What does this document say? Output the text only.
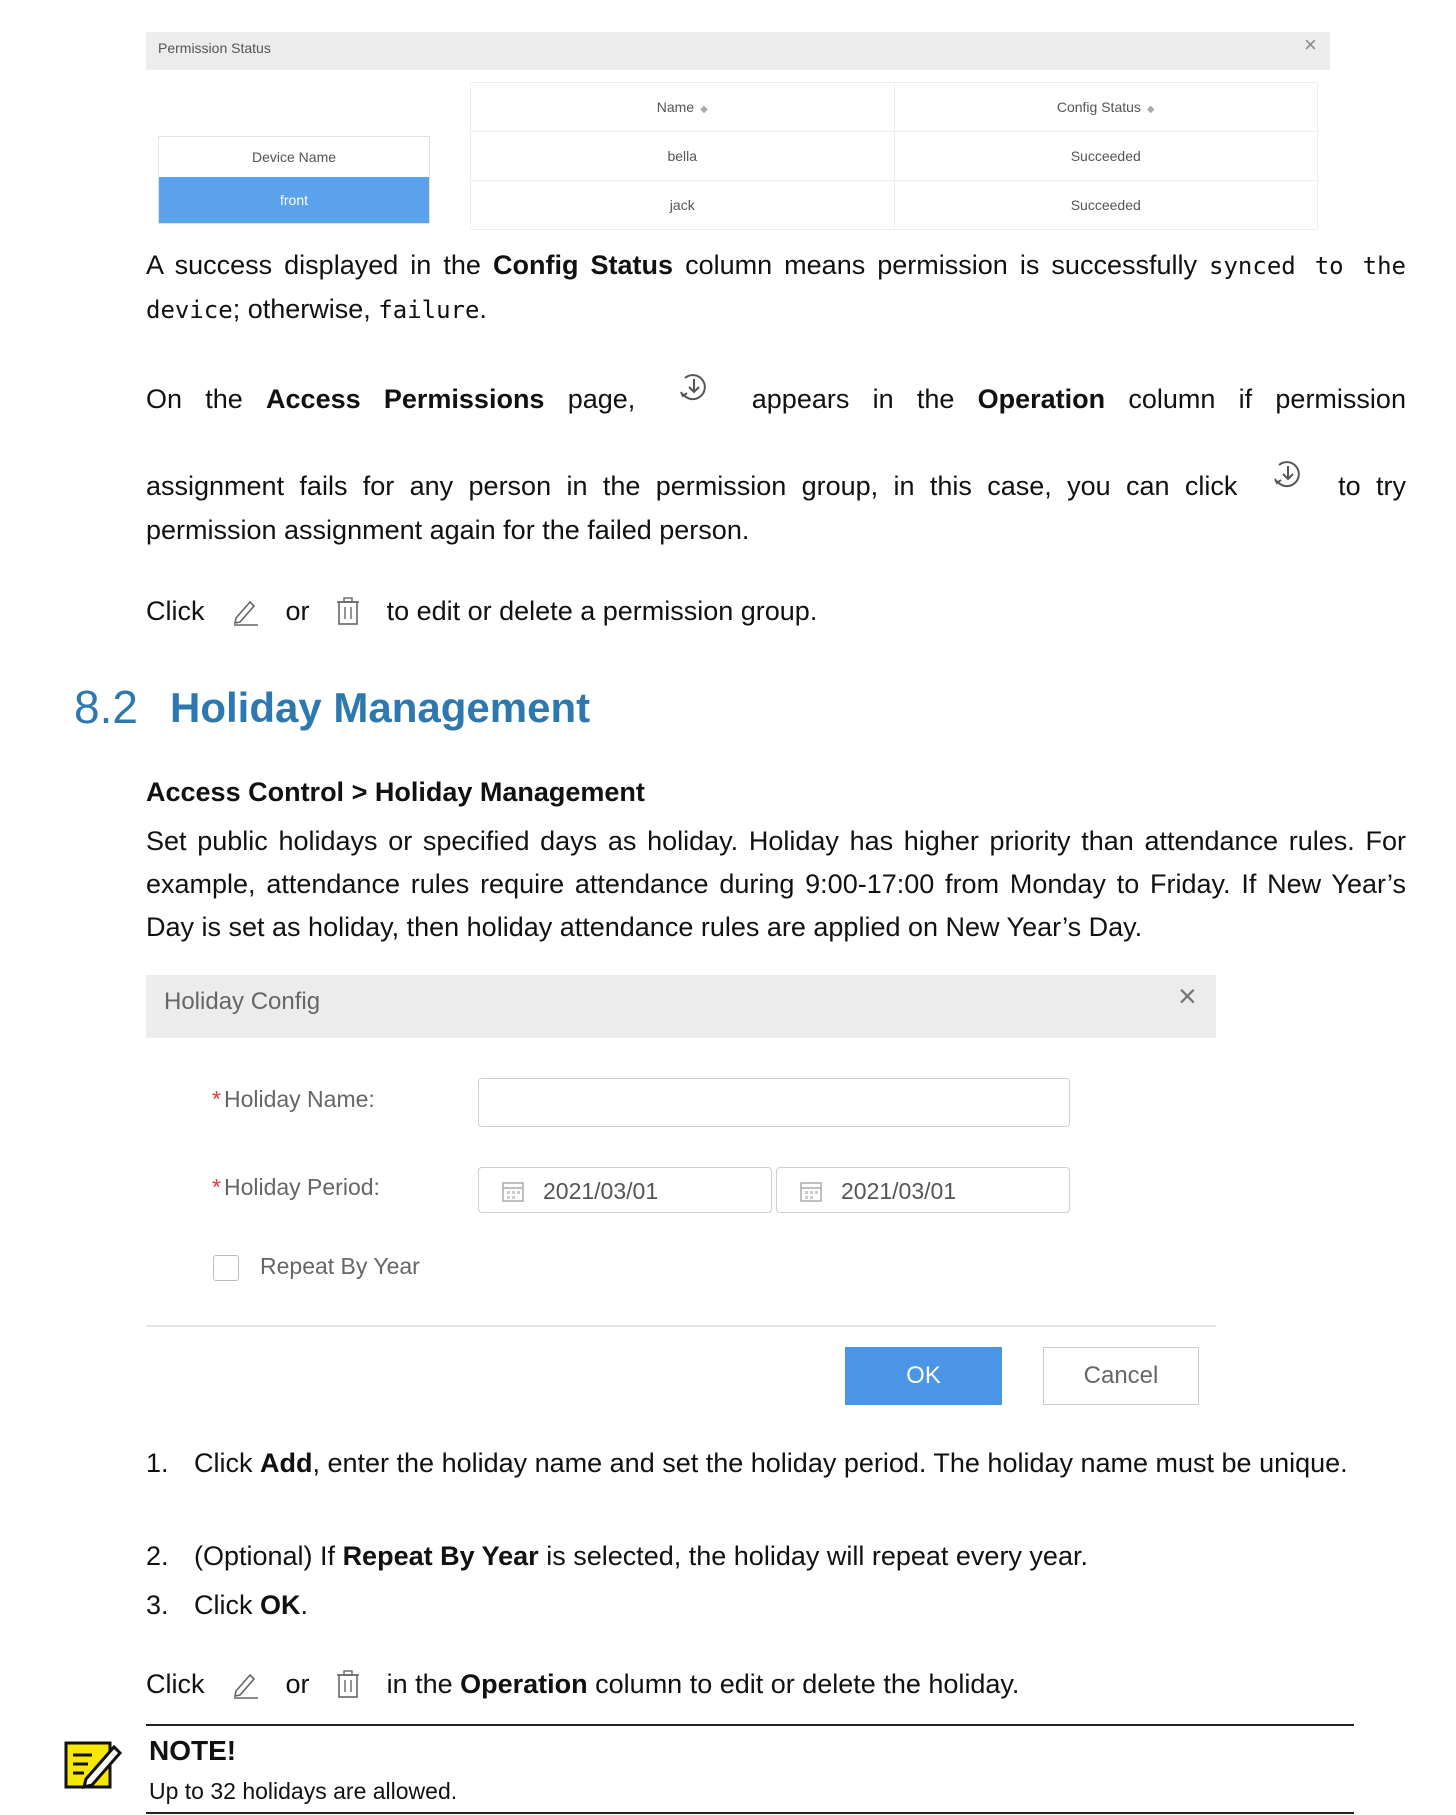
Permission Status	×
Device Name
front
Name ◆	Config Status ◆
bella	Succeeded
jack	Succeeded
A success displayed in the Config Status column means permission is successfully synced to the
device; otherwise, failure.
On the Access Permissions page,	appears in the Operation column if permission
assignment fails for any person in the permission group, in this case, you can click	to try
permission assignment again for the failed person.
Click	or	to edit or delete a permission group.
8.2 Holiday Management
Access Control > Holiday Management
Set public holidays or specified days as holiday. Holiday has higher priority than attendance rules. For example, attendance rules require attendance during 9:00-17:00 from Monday to Friday. If New Year’s Day is set as holiday, then holiday attendance rules are applied on New Year’s Day.
Holiday Config	×
* Holiday Name:
* Holiday Period:	2021/03/01	2021/03/01
Repeat By Year
OK	Cancel
1. Click Add, enter the holiday name and set the holiday period. The holiday name must be unique.
2. (Optional) If Repeat By Year is selected, the holiday will repeat every year.
3. Click OK.
Click	or	in the Operation column to edit or delete the holiday.
NOTE!
Up to 32 holidays are allowed.
